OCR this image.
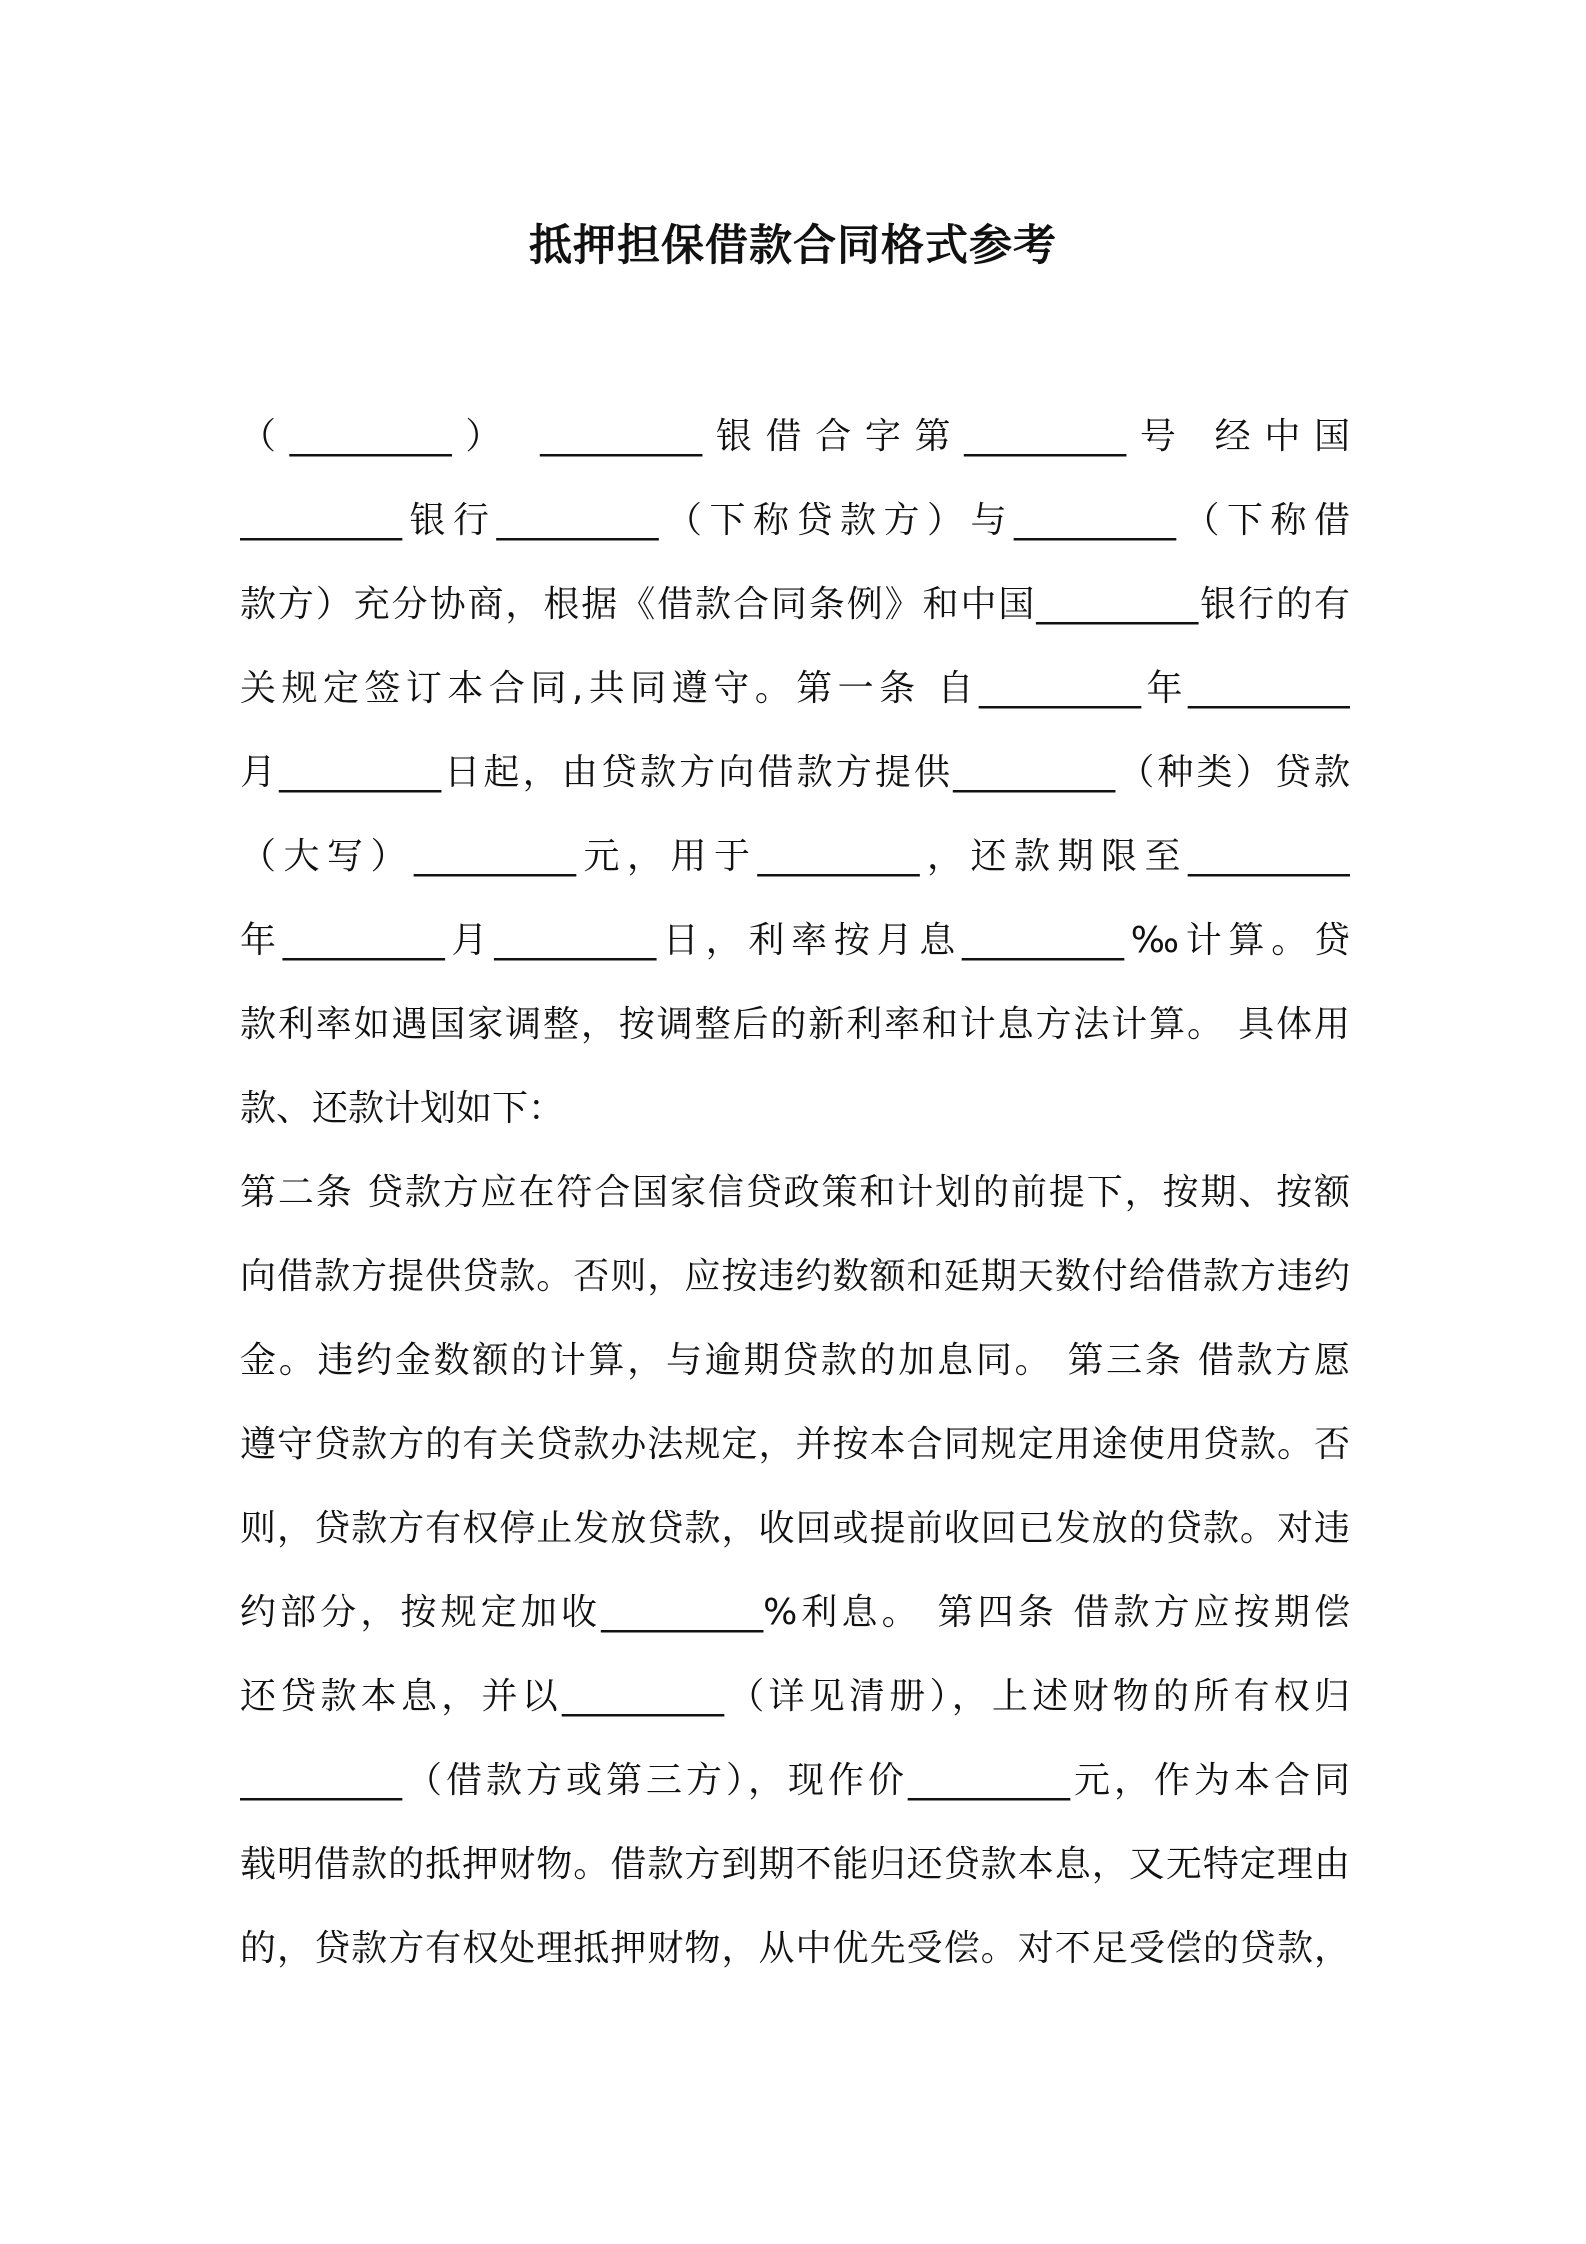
抵押担保借款合同格式参考
（_________） _________银借合字第_________号 经中国
_________银行_________（下称贷款方）与_________（下称借
款方）充分协商，根据《借款合同条例》和中国_________银行的有
关规定签订本合同,共同遵守。第一条 自_________年_________
月_________日起，由贷款方向借款方提供_________（种类）贷款
（大写）_________元，用于_________，还款期限至_________
年_________月_________日，利率按月息_________‰计算。贷
款利率如遇国家调整，按调整后的新利率和计息方法计算。 具体用
款、还款计划如下：
第二条 贷款方应在符合国家信贷政策和计划的前提下，按期、按额
向借款方提供贷款。否则，应按违约数额和延期天数付给借款方违约
金。违约金数额的计算，与逾期贷款的加息同。 第三条 借款方愿
遵守贷款方的有关贷款办法规定，并按本合同规定用途使用贷款。否
则，贷款方有权停止发放贷款，收回或提前收回已发放的贷款。对违
约部分，按规定加收_________%利息。 第四条 借款方应按期偿
还贷款本息，并以_________（详见清册），上述财物的所有权归
_________（借款方或第三方），现作价_________元，作为本合同
载明借款的抵押财物。借款方到期不能归还贷款本息，又无特定理由
的，贷款方有权处理抵押财物，从中优先受偿。对不足受偿的贷款，
